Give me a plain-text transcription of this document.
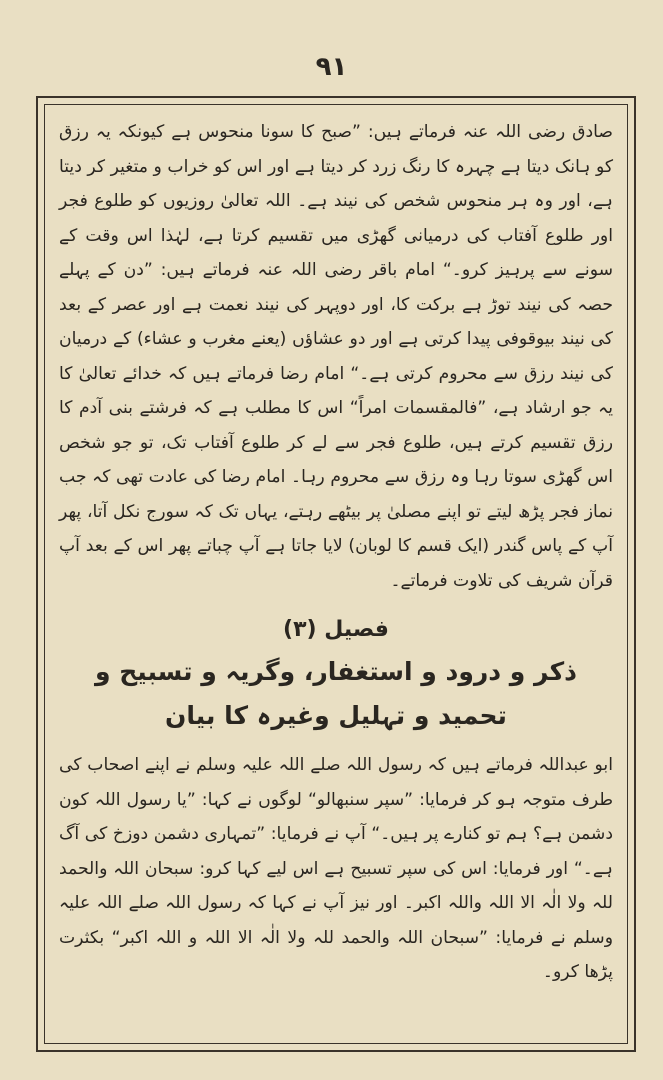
۹۱

صادق رضی اللہ عنہ فرماتے ہیں: ”صبح کا سونا منحوس ہے کیونکہ یہ رزق کو ہانک دیتا ہے چہرہ کا رنگ زرد کر دیتا ہے اور اس کو خراب و متغیر کر دیتا ہے، اور وہ ہر منحوس شخص کی نیند ہے۔ اللہ تعالیٰ روزیوں کو طلوع فجر اور طلوع آفتاب کی درمیانی گھڑی میں تقسیم کرتا ہے، لہٰذا اس وقت کے سونے سے پرہیز کرو۔“ امام باقر رضی اللہ عنہ فرماتے ہیں: ”دن کے پہلے حصہ کی نیند توڑ ہے برکت کا، اور دوپہر کی نیند نعمت ہے اور عصر کے بعد کی نیند بیوقوفی پیدا کرتی ہے اور دو عشاؤں (یعنے مغرب و عشاء) کے درمیان کی نیند رزق سے محروم کرتی ہے۔“ امام رضا فرماتے ہیں کہ خدائے تعالیٰ کا یہ جو ارشاد ہے، ”فالمقسمات امراً“ اس کا مطلب ہے کہ فرشتے بنی آدم کا رزق تقسیم کرتے ہیں، طلوع فجر سے لے کر طلوع آفتاب تک، تو جو شخص اس گھڑی سوتا رہا وہ رزق سے محروم رہا۔ امام رضا کی عادت تھی کہ جب نماز فجر پڑھ لیتے تو اپنے مصلیٰ پر بیٹھے رہتے، یہاں تک کہ سورج نکل آتا، پھر آپ کے پاس گندر (ایک قسم کا لوبان) لایا جاتا ہے آپ چباتے پھر اس کے بعد آپ قرآن شریف کی تلاوت فرماتے۔

فصیل (۳)
ذکر و درود و استغفار، وگریہ و تسبیح و تحمید و تہلیل وغیرہ کا بیان

ابو عبداللہ فرماتے ہیں کہ رسول اللہ صلے اللہ علیہ وسلم نے اپنے اصحاب کی طرف متوجہ ہو کر فرمایا: ”سپر سنبھالو“ لوگوں نے کہا: ”یا رسول اللہ کون دشمن ہے؟ ہم تو کنارے پر ہیں۔“ آپ نے فرمایا: ”تمہاری دشمن دوزخ کی آگ ہے۔“ اور فرمایا: اس کی سپر تسبیح ہے اس لیے کہا کرو: سبحان اللہ والحمد للہ ولا الٰہ الا اللہ واللہ اکبر۔ اور نیز آپ نے کہا کہ رسول اللہ صلے اللہ علیہ وسلم نے فرمایا: ”سبحان اللہ والحمد للہ ولا الٰہ الا اللہ و اللہ اکبر“ بکثرت پڑھا کرو۔
